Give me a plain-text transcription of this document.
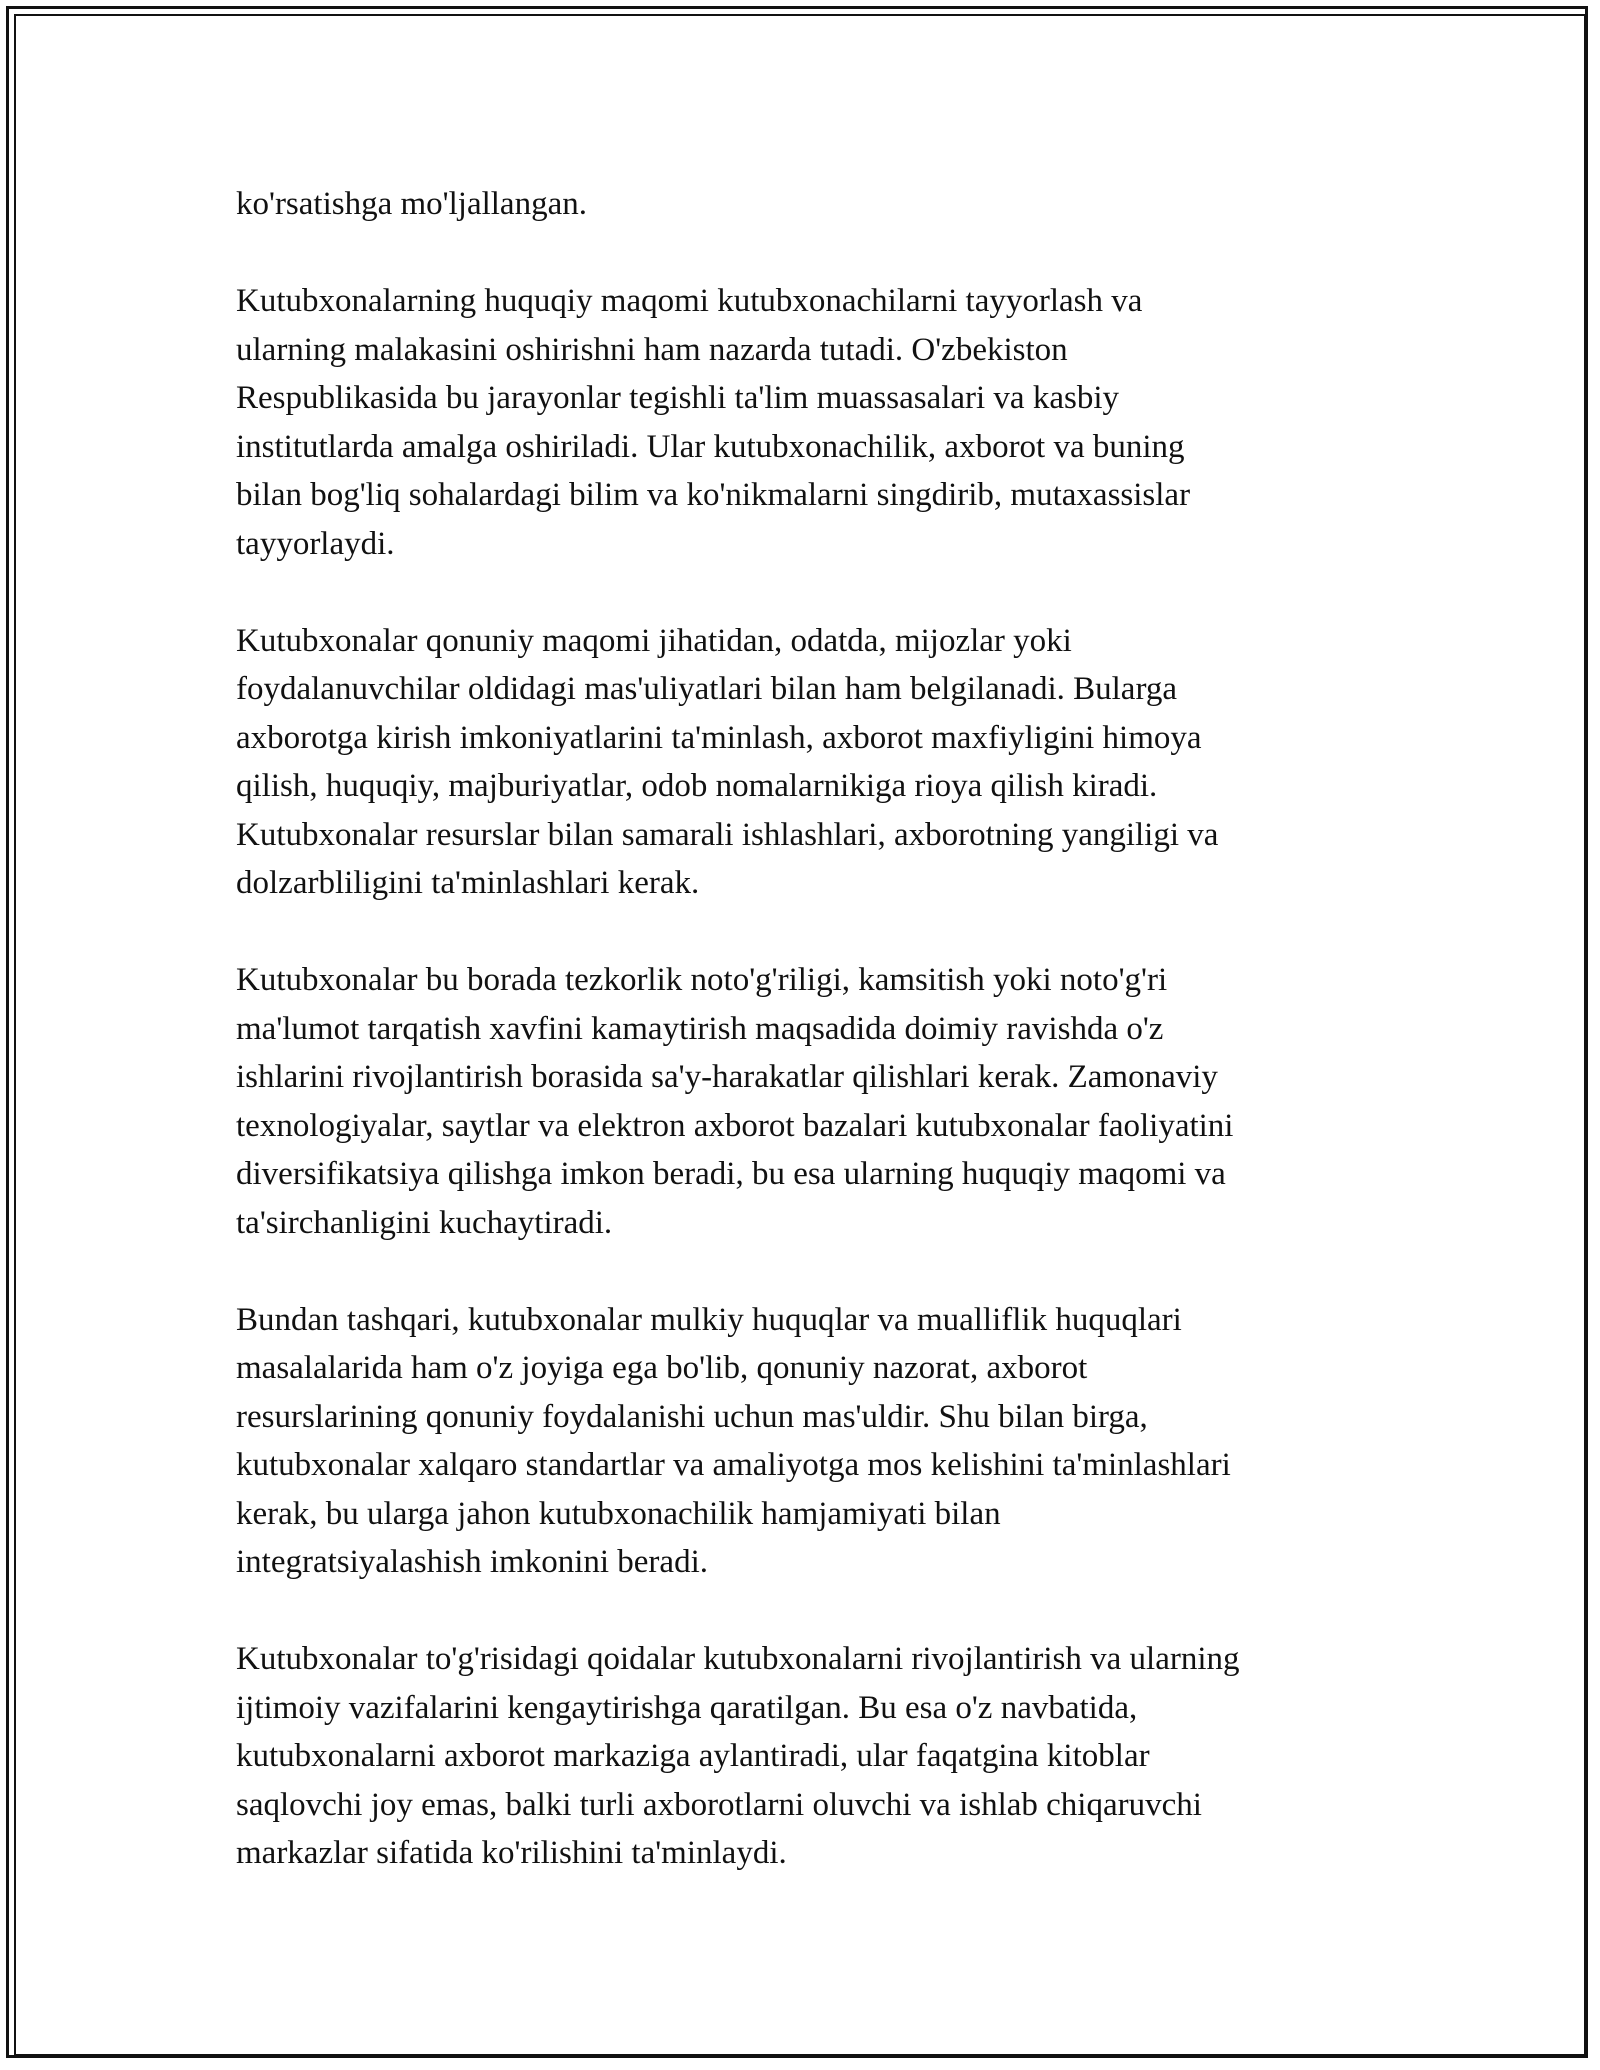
ko'rsatishga mo'ljallangan.

Kutubxonalarning huquqiy maqomi kutubxonachilarni tayyorlash va
ularning malakasini oshirishni ham nazarda tutadi. O'zbekiston
Respublikasida bu jarayonlar tegishli ta'lim muassasalari va kasbiy
institutlarda amalga oshiriladi. Ular kutubxonachilik, axborot va buning
bilan bog'liq sohalardagi bilim va ko'nikmalarni singdirib, mutaxassislar
tayyorlaydi.

Kutubxonalar qonuniy maqomi jihatidan, odatda, mijozlar yoki
foydalanuvchilar oldidagi mas'uliyatlari bilan ham belgilanadi. Bularga
axborotga kirish imkoniyatlarini ta'minlash, axborot maxfiyligini himoya
qilish, huquqiy, majburiyatlar, odob nomalarnikiga rioya qilish kiradi.
Kutubxonalar resurslar bilan samarali ishlashlari, axborotning yangiligi va
dolzarbliligini ta'minlashlari kerak.

Kutubxonalar bu borada tezkorlik noto'g'riligi, kamsitish yoki noto'g'ri
ma'lumot tarqatish xavfini kamaytirish maqsadida doimiy ravishda o'z
ishlarini rivojlantirish borasida sa'y-harakatlar qilishlari kerak. Zamonaviy
texnologiyalar, saytlar va elektron axborot bazalari kutubxonalar faoliyatini
diversifikatsiya qilishga imkon beradi, bu esa ularning huquqiy maqomi va
ta'sirchanligini kuchaytiradi.

Bundan tashqari, kutubxonalar mulkiy huquqlar va mualliflik huquqlari
masalalarida ham o'z joyiga ega bo'lib, qonuniy nazorat, axborot
resurslarining qonuniy foydalanishi uchun mas'uldir. Shu bilan birga,
kutubxonalar xalqaro standartlar va amaliyotga mos kelishini ta'minlashlari
kerak, bu ularga jahon kutubxonachilik hamjamiyati bilan
integratsiyalashish imkonini beradi.

Kutubxonalar to'g'risidagi qoidalar kutubxonalarni rivojlantirish va ularning
ijtimoiy vazifalarini kengaytirishga qaratilgan. Bu esa o'z navbatida,
kutubxonalarni axborot markaziga aylantiradi, ular faqatgina kitoblar
saqlovchi joy emas, balki turli axborotlarni oluvchi va ishlab chiqaruvchi
markazlar sifatida ko'rilishini ta'minlaydi.
